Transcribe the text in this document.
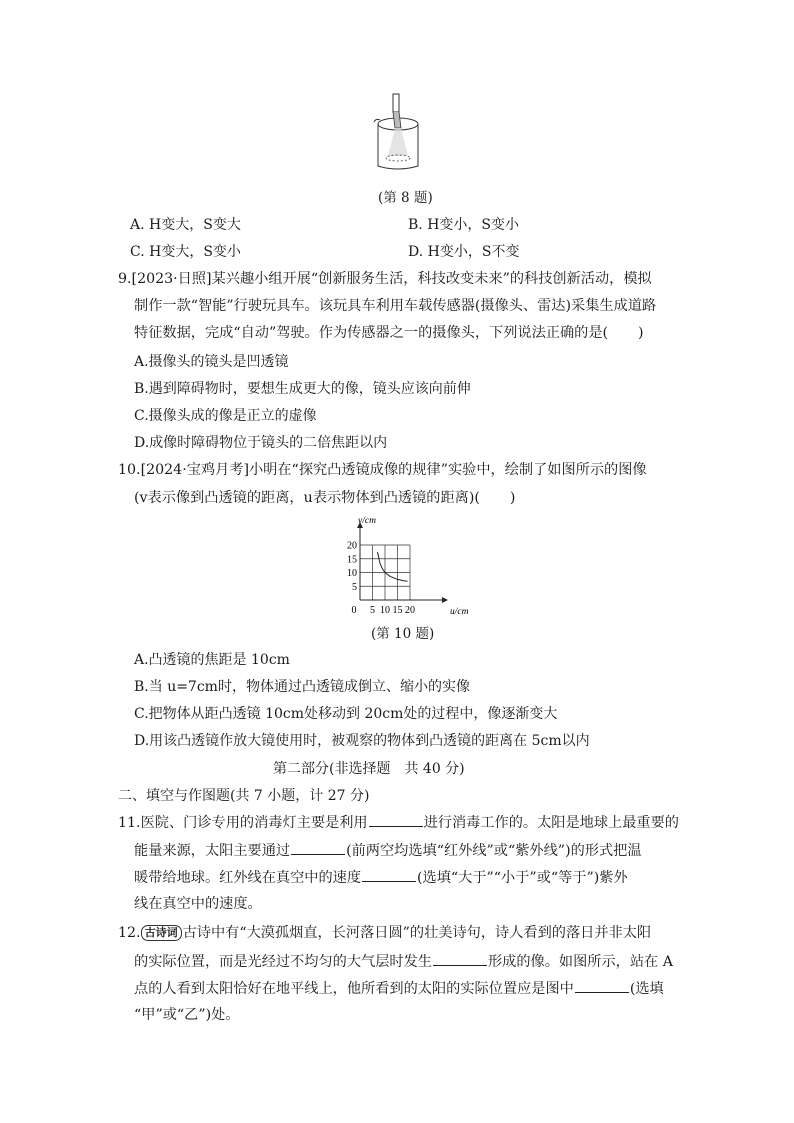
(第 8 题)
A. H变大，S变大	B. H变小，S变小
C. H变大，S变小	D. H变小，S不变
9.[2023·日照]某兴趣小组开展“创新服务生活，科技改变未来”的科技创新活动，模拟
制作一款“智能”行驶玩具车。该玩具车利用车载传感器(摄像头、雷达)采集生成道路
特征数据，完成“自动”驾驶。作为传感器之一的摄像头，下列说法正确的是( )
A.摄像头的镜头是凹透镜
B.遇到障碍物时，要想生成更大的像，镜头应该向前伸
C.摄像头成的像是正立的虚像
D.成像时障碍物位于镜头的二倍焦距以内
10.[2024·宝鸡月考]小明在“探究凸透镜成像的规律”实验中，绘制了如图所示的图像
(v表示像到凸透镜的距离，u表示物体到凸透镜的距离)( )
0 5 10 15 20
5
10
15
20
u/cm
v/cm
(第 10 题)
A.凸透镜的焦距是 10cm
B.当 u=7cm时，物体通过凸透镜成倒立、缩小的实像
C.把物体从距凸透镜 10cm处移动到 20cm处的过程中，像逐渐变大
D.用该凸透镜作放大镜使用时，被观察的物体到凸透镜的距离在 5cm以内
第二部分(非选择题　共 40 分)
二、填空与作图题(共 7 小题，计 27 分)
11.医院、门诊专用的消毒灯主要是利用	进行消毒工作的。太阳是地球上最重要的
能量来源，太阳主要通过	(前两空均选填“红外线”或“紫外线”)的形式把温
暖带给地球。红外线在真空中的速度	(选填“大于”“小于”或“等于”)紫外
线在真空中的速度。
12. 古诗词 古诗中有“大漠孤烟直，长河落日圆”的壮美诗句，诗人看到的落日并非太阳
的实际位置，而是光经过不均匀的大气层时发生	形成的像。如图所示，站在 A
点的人看到太阳恰好在地平线上，他所看到的太阳的实际位置应是图中	(选填
“甲”或“乙”)处。
